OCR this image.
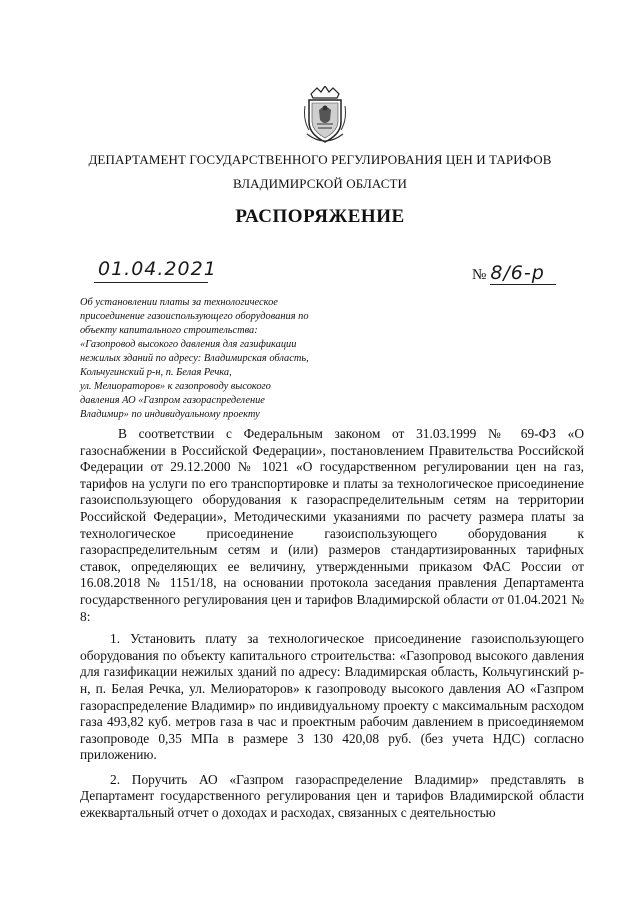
ДЕПАРТАМЕНТ ГОСУДАРСТВЕННОГО РЕГУЛИРОВАНИЯ ЦЕН И ТАРИФОВ
ВЛАДИМИРСКОЙ ОБЛАСТИ
РАСПОРЯЖЕНИЕ
01.04.2021	№ 8/6-р
Об установлении платы за технологическое
присоединение газоиспользующего оборудования по
объекту капитального строительства:
«Газопровод высокого давления для газификации
нежилых зданий по адресу: Владимирская область,
Кольчугинский р-н, п. Белая Речка,
ул. Мелиораторов» к газопроводу высокого
давления АО «Газпром газораспределение
Владимир» по индивидуальному проекту

В соответствии с Федеральным законом от 31.03.1999 № 69-ФЗ «О газоснабжении в Российской Федерации», постановлением Правительства Российской Федерации от 29.12.2000 № 1021 «О государственном регулировании цен на газ, тарифов на услуги по его транспортировке и платы за технологическое присоединение газоиспользующего оборудования к газораспределительным сетям на территории Российской Федерации», Методическими указаниями по расчету размера платы за технологическое присоединение газоиспользующего оборудования к газораспределительным сетям и (или) размеров стандартизированных тарифных ставок, определяющих ее величину, утвержденными приказом ФАС России от 16.08.2018 № 1151/18, на основании протокола заседания правления Департамента государственного регулирования цен и тарифов Владимирской области от 01.04.2021 № 8:

1. Установить плату за технологическое присоединение газоиспользующего оборудования по объекту капитального строительства: «Газопровод высокого давления для газификации нежилых зданий по адресу: Владимирская область, Кольчугинский р-н, п. Белая Речка, ул. Мелиораторов» к газопроводу высокого давления АО «Газпром газораспределение Владимир» по индивидуальному проекту с максимальным расходом газа 493,82 куб. метров газа в час и проектным рабочим давлением в присоединяемом газопроводе 0,35 МПа в размере 3 130 420,08 руб. (без учета НДС) согласно приложению.

2. Поручить АО «Газпром газораспределение Владимир» представлять в Департамент государственного регулирования цен и тарифов Владимирской области ежеквартальный отчет о доходах и расходах, связанных с деятельностью
